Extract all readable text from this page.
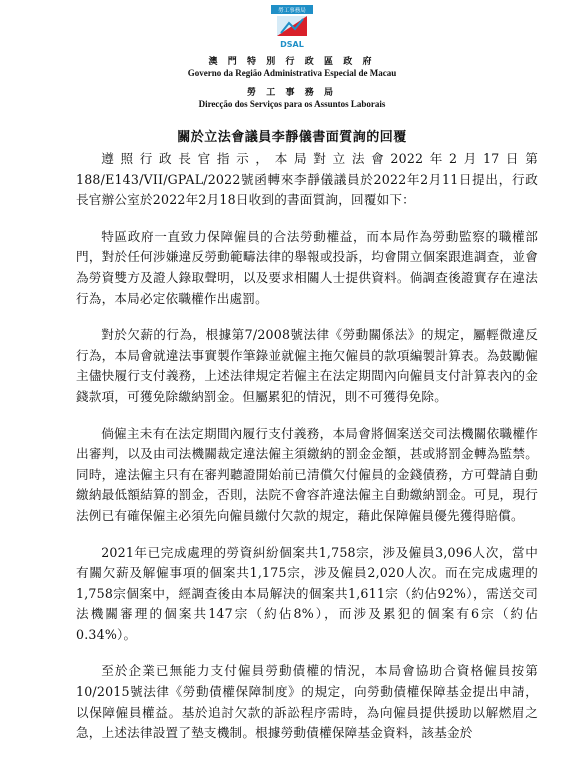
勞工事務局
DSAL
澳 門 特 別 行 政 區 政 府
Governo da Região Administrativa Especial de Macau
勞 工 事 務 局
Direcção dos Serviços para os Assuntos Laborais
關於立法會議員李靜儀書面質詢的回覆

遵照行政長官指示，本局對立法會2022年2月17日第188/E143/VII/GPAL/2022號函轉來李靜儀議員於2022年2月11日提出，行政長官辦公室於2022年2月18日收到的書面質詢，回覆如下：

特區政府一直致力保障僱員的合法勞動權益，而本局作為勞動監察的職權部門，對於任何涉嫌違反勞動範疇法律的舉報或投訴，均會開立個案跟進調查，並會為勞資雙方及證人錄取聲明，以及要求相關人士提供資料。倘調查後證實存在違法行為，本局必定依職權作出處罰。

對於欠薪的行為，根據第7/2008號法律《勞動關係法》的規定，屬輕微違反行為，本局會就違法事實製作筆錄並就僱主拖欠僱員的款項編製計算表。為鼓勵僱主儘快履行支付義務，上述法律規定若僱主在法定期間內向僱員支付計算表內的金錢款項，可獲免除繳納罰金。但屬累犯的情況，則不可獲得免除。

倘僱主未有在法定期間內履行支付義務，本局會將個案送交司法機關依職權作出審判，以及由司法機關裁定違法僱主須繳納的罰金金額，甚或將罰金轉為監禁。同時，違法僱主只有在審判聽證開始前已清償欠付僱員的金錢債務，方可聲請自動繳納最低額結算的罰金，否則，法院不會容許違法僱主自動繳納罰金。可見，現行法例已有確保僱主必須先向僱員繳付欠款的規定，藉此保障僱員優先獲得賠償。

2021年已完成處理的勞資糾紛個案共1,758宗，涉及僱員3,096人次，當中有關欠薪及解僱事項的個案共1,175宗，涉及僱員2,020人次。而在完成處理的1,758宗個案中，經調查後由本局解決的個案共1,611宗（約佔92%），需送交司法機關審理的個案共147宗（約佔8%），而涉及累犯的個案有6宗（約佔0.34%）。

至於企業已無能力支付僱員勞動債權的情況，本局會協助合資格僱員按第10/2015號法律《勞動債權保障制度》的規定，向勞動債權保障基金提出申請，以保障僱員權益。基於追討欠款的訴訟程序需時，為向僱員提供援助以解燃眉之急，上述法律設置了墊支機制。根據勞動債權保障基金資料，該基金於
